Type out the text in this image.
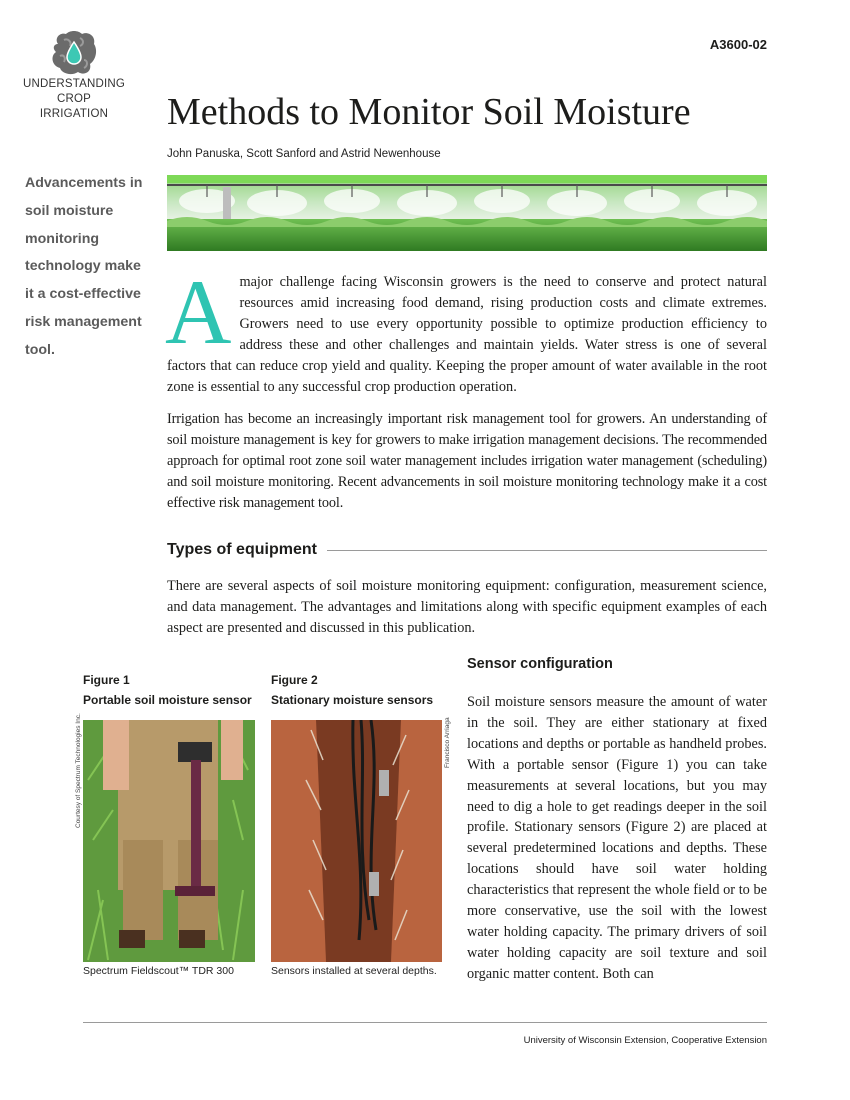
UNDERSTANDING
CROP
IRRIGATION
A3600-02
Methods to Monitor Soil Moisture
John Panuska, Scott Sanford and Astrid Newenhouse
Advancements in soil moisture monitoring technology make it a cost-effective risk management tool.	A major challenge facing Wisconsin growers is the need to conserve and protect natural resources amid increasing food demand, rising production costs and climate extremes. Growers need to use every opportunity possible to optimize production efficiency to address these and other challenges and maintain yields. Water stress is one of several factors that can reduce crop yield and quality. Keeping the proper amount of water available in the root zone is essential to any successful crop production operation.
Irrigation has become an increasingly important risk management tool for growers. An understanding of soil moisture management is key for growers to make irrigation management decisions. The recommended approach for optimal root zone soil water management includes irrigation water management (scheduling) and soil moisture monitoring. Recent advancements in soil moisture monitoring technology make it a cost effective risk management tool.
Types of equipment
There are several aspects of soil moisture monitoring equipment: configuration, measurement science, and data management. The advantages and limitations along with specific equipment examples of each aspect are presented and discussed in this publication.
Sensor configuration
Soil moisture sensors measure the amount of water in the soil. They are either stationary at fixed locations and depths or portable as handheld probes. With a portable sensor (Figure 1) you can take measurements at several locations, but you may need to dig a hole to get readings deeper in the soil profile. Stationary sensors (Figure 2) are placed at several predetermined locations and depths. These locations should have soil water holding characteristics that represent the whole field or to be more conservative, use the soil with the lowest water holding capacity. The primary drivers of soil water holding capacity are soil texture and soil organic matter content. Both can
Figure 1
Portable soil moisture sensor
Courtesy of Spectrum Technologies Inc.
Spectrum Fieldscout™ TDR 300
Figure 2
Stationary moisture sensors
Francisco Arriaga
Sensors installed at several depths.
University of Wisconsin Extension, Cooperative Extension
